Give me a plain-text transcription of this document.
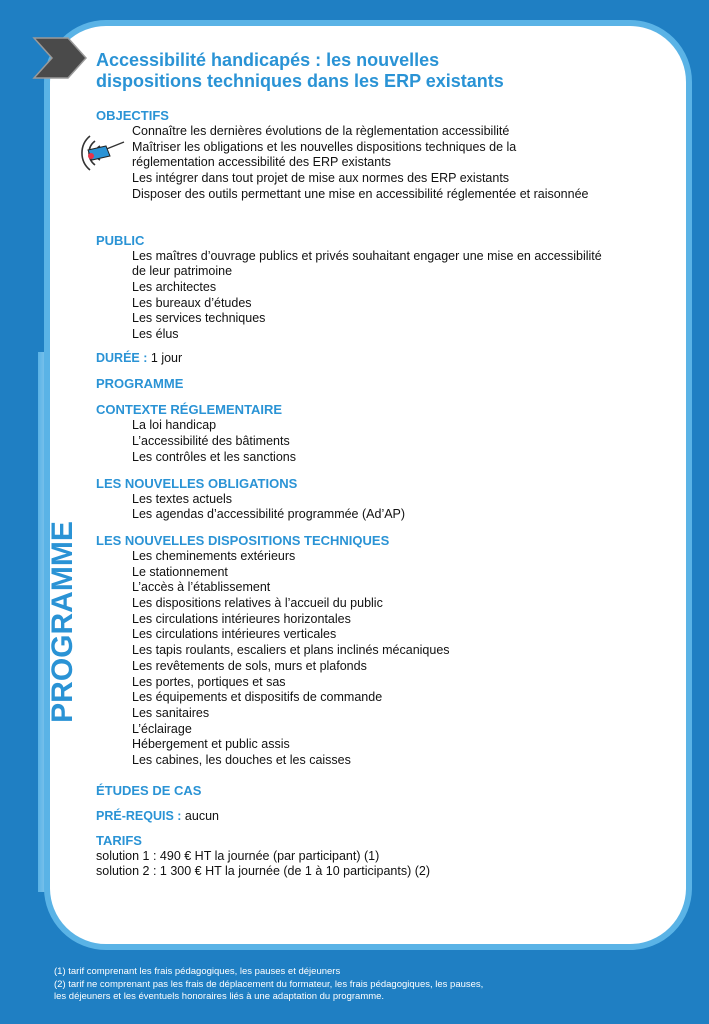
PROGRAMME
Accessibilité handicapés : les nouvelles
dispositions techniques dans les ERP existants
OBJECTIFS
Connaître les dernières évolutions de la règlementation accessibilité
Maîtriser les obligations et les nouvelles dispositions techniques de la
réglementation accessibilité des ERP existants
Les intégrer dans tout projet de mise aux normes des ERP existants
Disposer des outils permettant une mise en accessibilité réglementée et raisonnée
PUBLIC
Les maîtres d’ouvrage publics et privés souhaitant engager une mise en accessibilité
de leur patrimoine
Les architectes
Les bureaux d’études
Les services techniques
Les élus
DURÉE : 1 jour
PROGRAMME
CONTEXTE RÉGLEMENTAIRE
La loi handicap
L’accessibilité des bâtiments
Les contrôles et les sanctions
LES NOUVELLES OBLIGATIONS
Les textes actuels
Les agendas d’accessibilité programmée (Ad’AP)
LES NOUVELLES DISPOSITIONS TECHNIQUES
Les cheminements extérieurs
Le stationnement
L’accès à l’établissement
Les dispositions relatives à l’accueil du public
Les circulations intérieures horizontales
Les circulations intérieures verticales
Les tapis roulants, escaliers et plans inclinés mécaniques
Les revêtements de sols, murs et plafonds
Les portes, portiques et sas
Les équipements et dispositifs de commande
Les sanitaires
L’éclairage
Hébergement et public assis
Les cabines, les douches et les caisses
ÉTUDES DE CAS
PRÉ-REQUIS : aucun
TARIFS
solution 1 : 490 € HT la journée (par participant) (1)
solution 2 : 1 300 € HT la journée (de 1 à 10 participants) (2)
(1) tarif comprenant les frais pédagogiques, les pauses et déjeuners
(2) tarif ne comprenant pas les frais de déplacement du formateur, les frais pédagogiques, les pauses,
les déjeuners et les éventuels honoraires liés à une adaptation du programme.
